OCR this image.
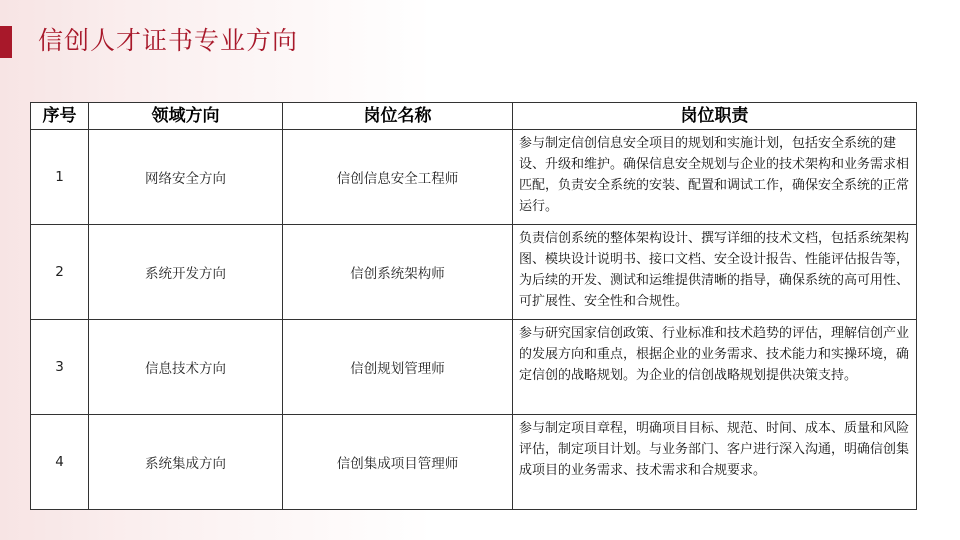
信创人才证书专业方向
序号	领域方向	岗位名称	岗位职责
1	网络安全方向	信创信息安全工程师	参与制定信创信息安全项目的规划和实施计划，包括安全系统的建设、升级和维护。确保信息安全规划与企业的技术架构和业务需求相匹配，负责安全系统的安装、配置和调试工作，确保安全系统的正常运行。
2	系统开发方向	信创系统架构师	负责信创系统的整体架构设计、撰写详细的技术文档，包括系统架构图、模块设计说明书、接口文档、安全设计报告、性能评估报告等，为后续的开发、测试和运维提供清晰的指导，确保系统的高可用性、可扩展性、安全性和合规性。
3	信息技术方向	信创规划管理师	参与研究国家信创政策、行业标准和技术趋势的评估，理解信创产业的发展方向和重点，根据企业的业务需求、技术能力和实操环境，确定信创的战略规划。为企业的信创战略规划提供决策支持。
4	系统集成方向	信创集成项目管理师	参与制定项目章程，明确项目目标、规范、时间、成本、质量和风险评估，制定项目计划。与业务部门、客户进行深入沟通，明确信创集成项目的业务需求、技术需求和合规要求。
